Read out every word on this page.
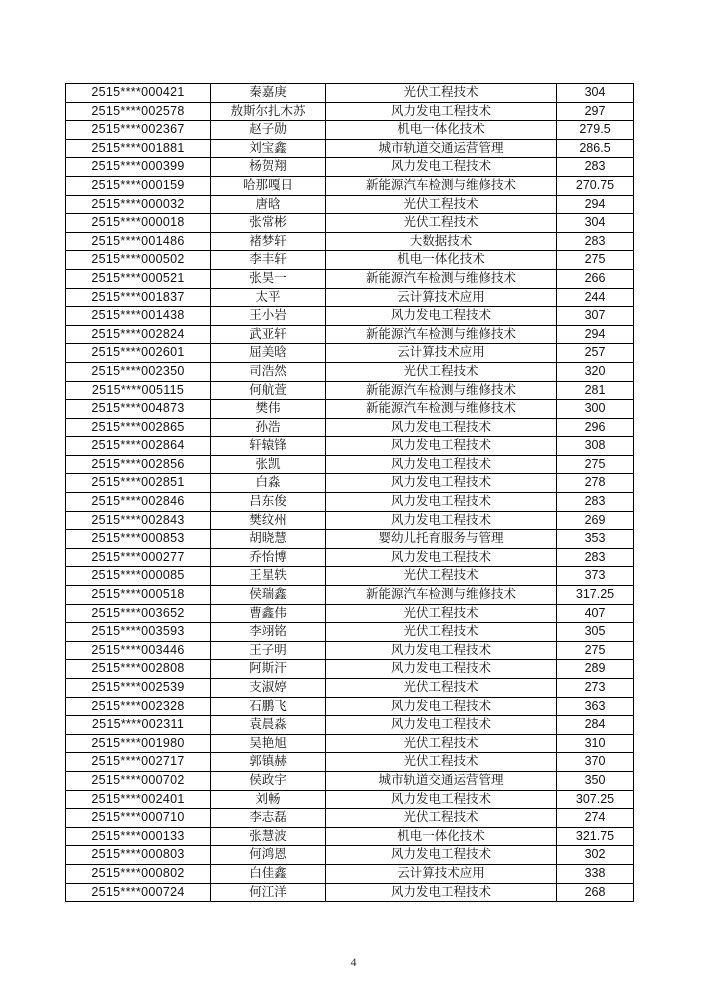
2515****000421	秦嘉庚	光伏工程技术	304
2515****002578	敖斯尔扎木苏	风力发电工程技术	297
2515****002367	赵子勋	机电一体化技术	279.5
2515****001881	刘宝鑫	城市轨道交通运营管理	286.5
2515****000399	杨贺翔	风力发电工程技术	283
2515****000159	哈那嘎日	新能源汽车检测与维修技术	270.75
2515****000032	唐晗	光伏工程技术	294
2515****000018	张常彬	光伏工程技术	304
2515****001486	褚梦轩	大数据技术	283
2515****000502	李丰轩	机电一体化技术	275
2515****000521	张昊一	新能源汽车检测与维修技术	266
2515****001837	太平	云计算技术应用	244
2515****001438	王小岩	风力发电工程技术	307
2515****002824	武亚轩	新能源汽车检测与维修技术	294
2515****002601	屈美晗	云计算技术应用	257
2515****002350	司浩然	光伏工程技术	320
2515****005115	何航萱	新能源汽车检测与维修技术	281
2515****004873	樊伟	新能源汽车检测与维修技术	300
2515****002865	孙浩	风力发电工程技术	296
2515****002864	轩辕锋	风力发电工程技术	308
2515****002856	张凯	风力发电工程技术	275
2515****002851	白淼	风力发电工程技术	278
2515****002846	吕东俊	风力发电工程技术	283
2515****002843	樊纹州	风力发电工程技术	269
2515****000853	胡晓慧	婴幼儿托育服务与管理	353
2515****000277	乔怡博	风力发电工程技术	283
2515****000085	王星轶	光伏工程技术	373
2515****000518	侯瑞鑫	新能源汽车检测与维修技术	317.25
2515****003652	曹鑫伟	光伏工程技术	407
2515****003593	李翊铭	光伏工程技术	305
2515****003446	王子明	风力发电工程技术	275
2515****002808	阿斯汗	风力发电工程技术	289
2515****002539	支淑婷	光伏工程技术	273
2515****002328	石鹏飞	风力发电工程技术	363
2515****002311	袁晨淼	风力发电工程技术	284
2515****001980	吴艳旭	光伏工程技术	310
2515****002717	郭镇赫	光伏工程技术	370
2515****000702	侯政宇	城市轨道交通运营管理	350
2515****002401	刘畅	风力发电工程技术	307.25
2515****000710	李志磊	光伏工程技术	274
2515****000133	张慧波	机电一体化技术	321.75
2515****000803	何鸿恩	风力发电工程技术	302
2515****000802	白佳鑫	云计算技术应用	338
2515****000724	何江洋	风力发电工程技术	268
4
